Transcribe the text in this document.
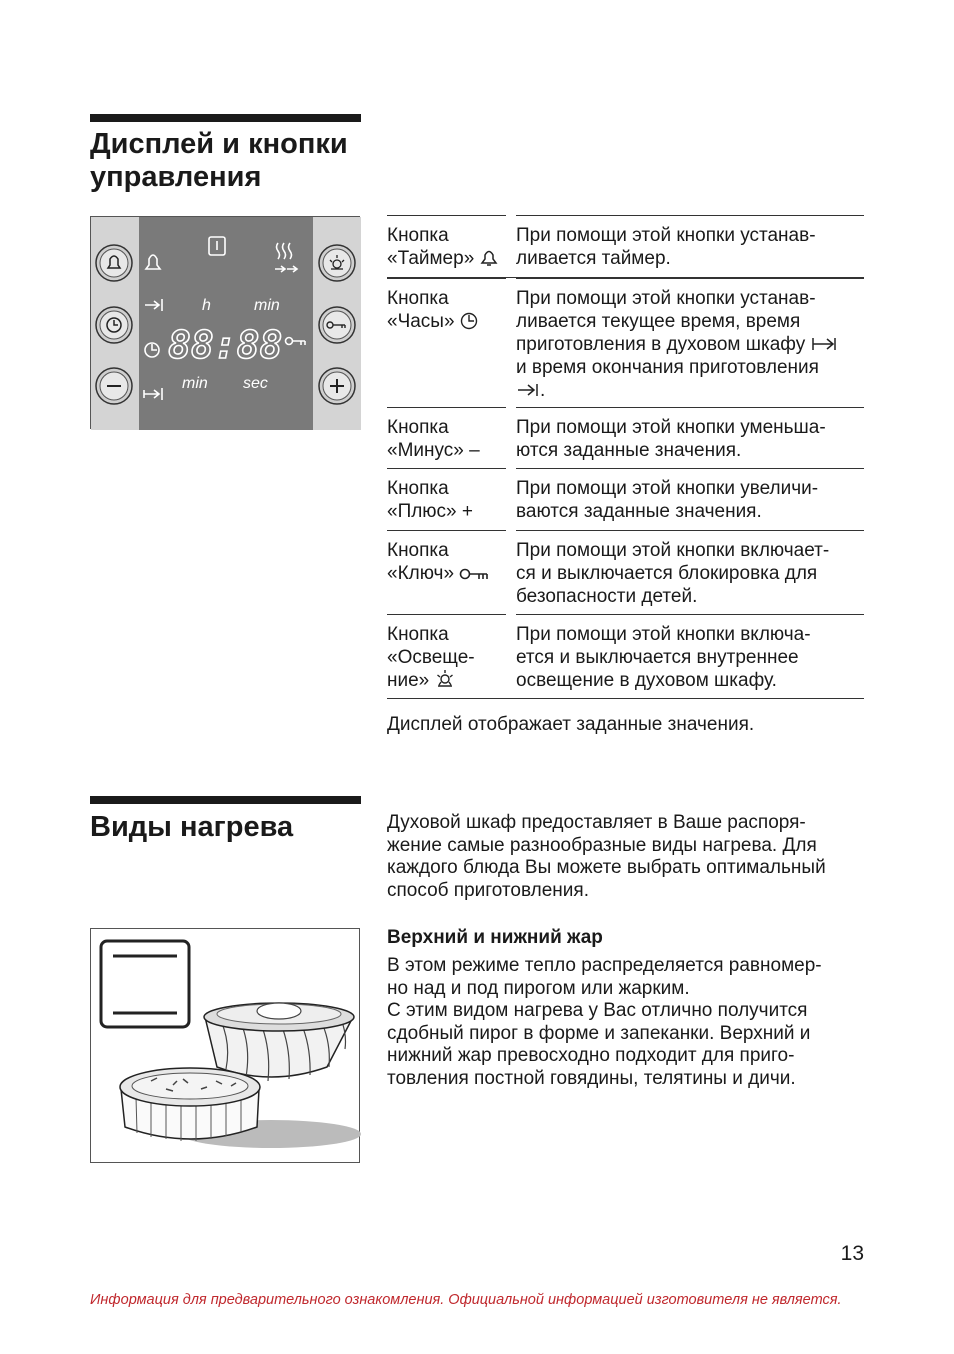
Дисплей и кнопки
управления
h	min
min sec
88:88
Кнопка
«Таймер»
При помощи этой кнопки устанав-
ливается таймер.
Кнопка
«Часы»
При помощи этой кнопки устанав-
ливается текущее время, время
приготовления в духовом шкафу
и время окончания приготовления
.
Кнопка
«Минус» –
При помощи этой кнопки уменьша-
ются заданные значения.
Кнопка
«Плюс» +
При помощи этой кнопки увеличи-
ваются заданные значения.
Кнопка
«Ключ»
При помощи этой кнопки включает-
ся и выключается блокировка для
безопасности детей.
Кнопка
«Освеще-
ние»
При помощи этой кнопки включа-
ется и выключается внутреннее
освещение в духовом шкафу.
Дисплей отображает заданные значения.
Виды нагрева	Духовой шкаф предоставляет в Ваше распоря-
жение самые разнообразные виды нагрева. Для
каждого блюда Вы можете выбрать оптимальный
способ приготовления.
Верхний и нижний жар
В этом режиме тепло распределяется равномер-
но над и под пирогом или жарким.
С этим видом нагрева у Вас отлично получится
сдобный пирог в форме и запеканки. Верхний и
нижний жар превосходно подходит для приго-
товления постной говядины, телятины и дичи.
13
Информация для предварительного ознакомления. Официальной информацией изготовителя не является.
